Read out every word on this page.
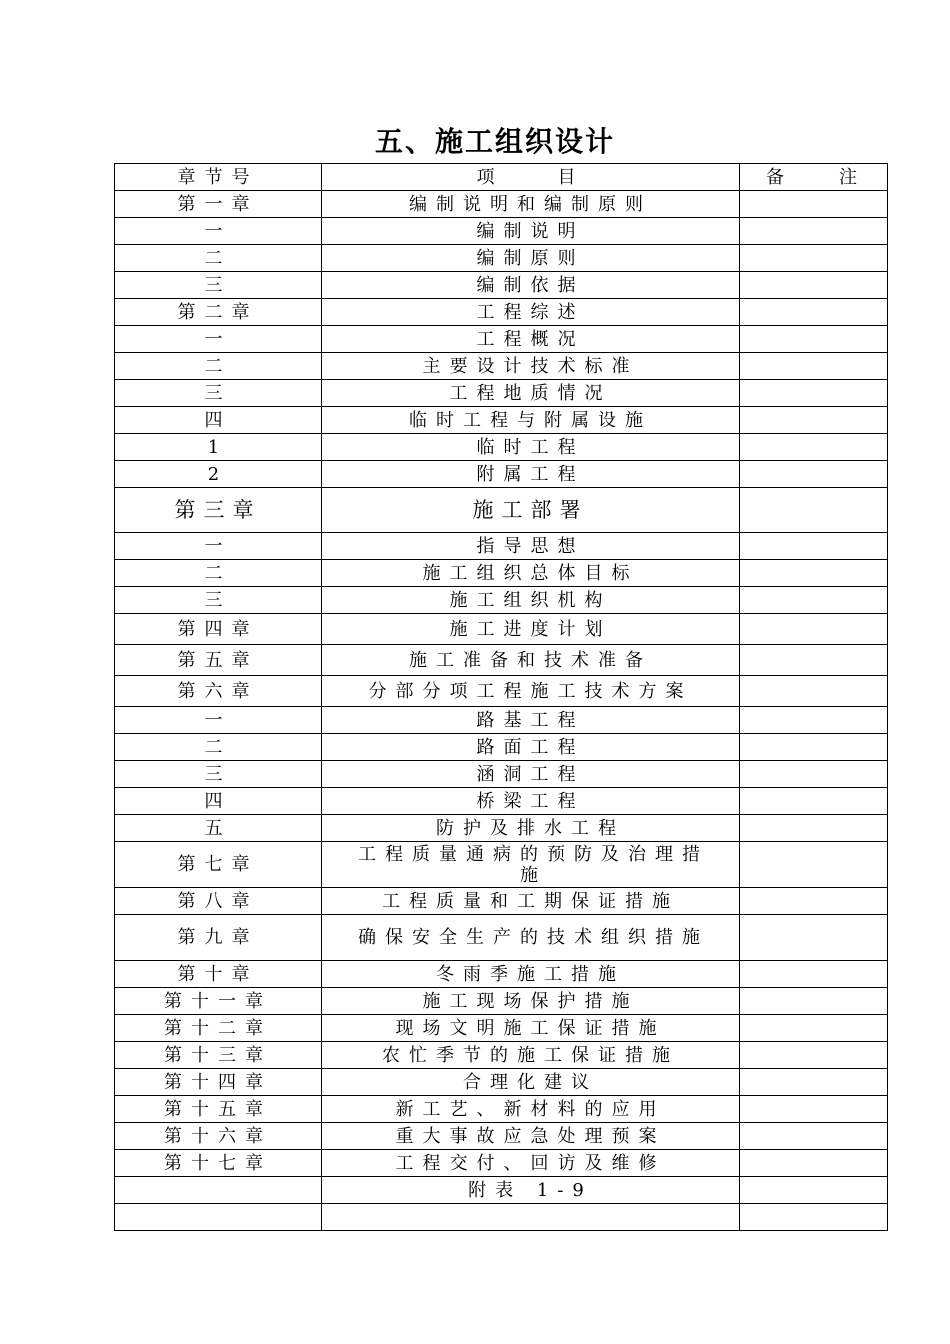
五、施工组织设计
章节号	项　　目	备 注

第一章	编制说明和编制原则	
一	编制说明	
二	编制原则	
三	编制依据	
第二章	工程综述	
一	工程概况	
二	主要设计技术标准	
三	工程地质情况	
四	临时工程与附属设施	
1	临时工程	
2	附属工程	
第三章	施工部署	
一	指导思想	
二	施工组织总体目标	
三	施工组织机构	
第四章	施工进度计划	
第五章	施工准备和技术准备	
第六章	分部分项工程施工技术方案	
一	路基工程	
二	路面工程	
三	涵洞工程	
四	桥梁工程	
五	防护及排水工程	
第七章	工程质量通病的预防及治理措施	
第八章	工程质量和工期保证措施	
第九章	确保安全生产的技术组织措施	
第十章	冬雨季施工措施	
第十一章	施工现场保护措施	
第十二章	现场文明施工保证措施	
第十三章	农忙季节的施工保证措施	
第十四章	合理化建议	
第十五章	新工艺、新材料的应用	
第十六章	重大事故应急处理预案	
第十七章	工程交付、回访及维修	
	附表 1-9	
